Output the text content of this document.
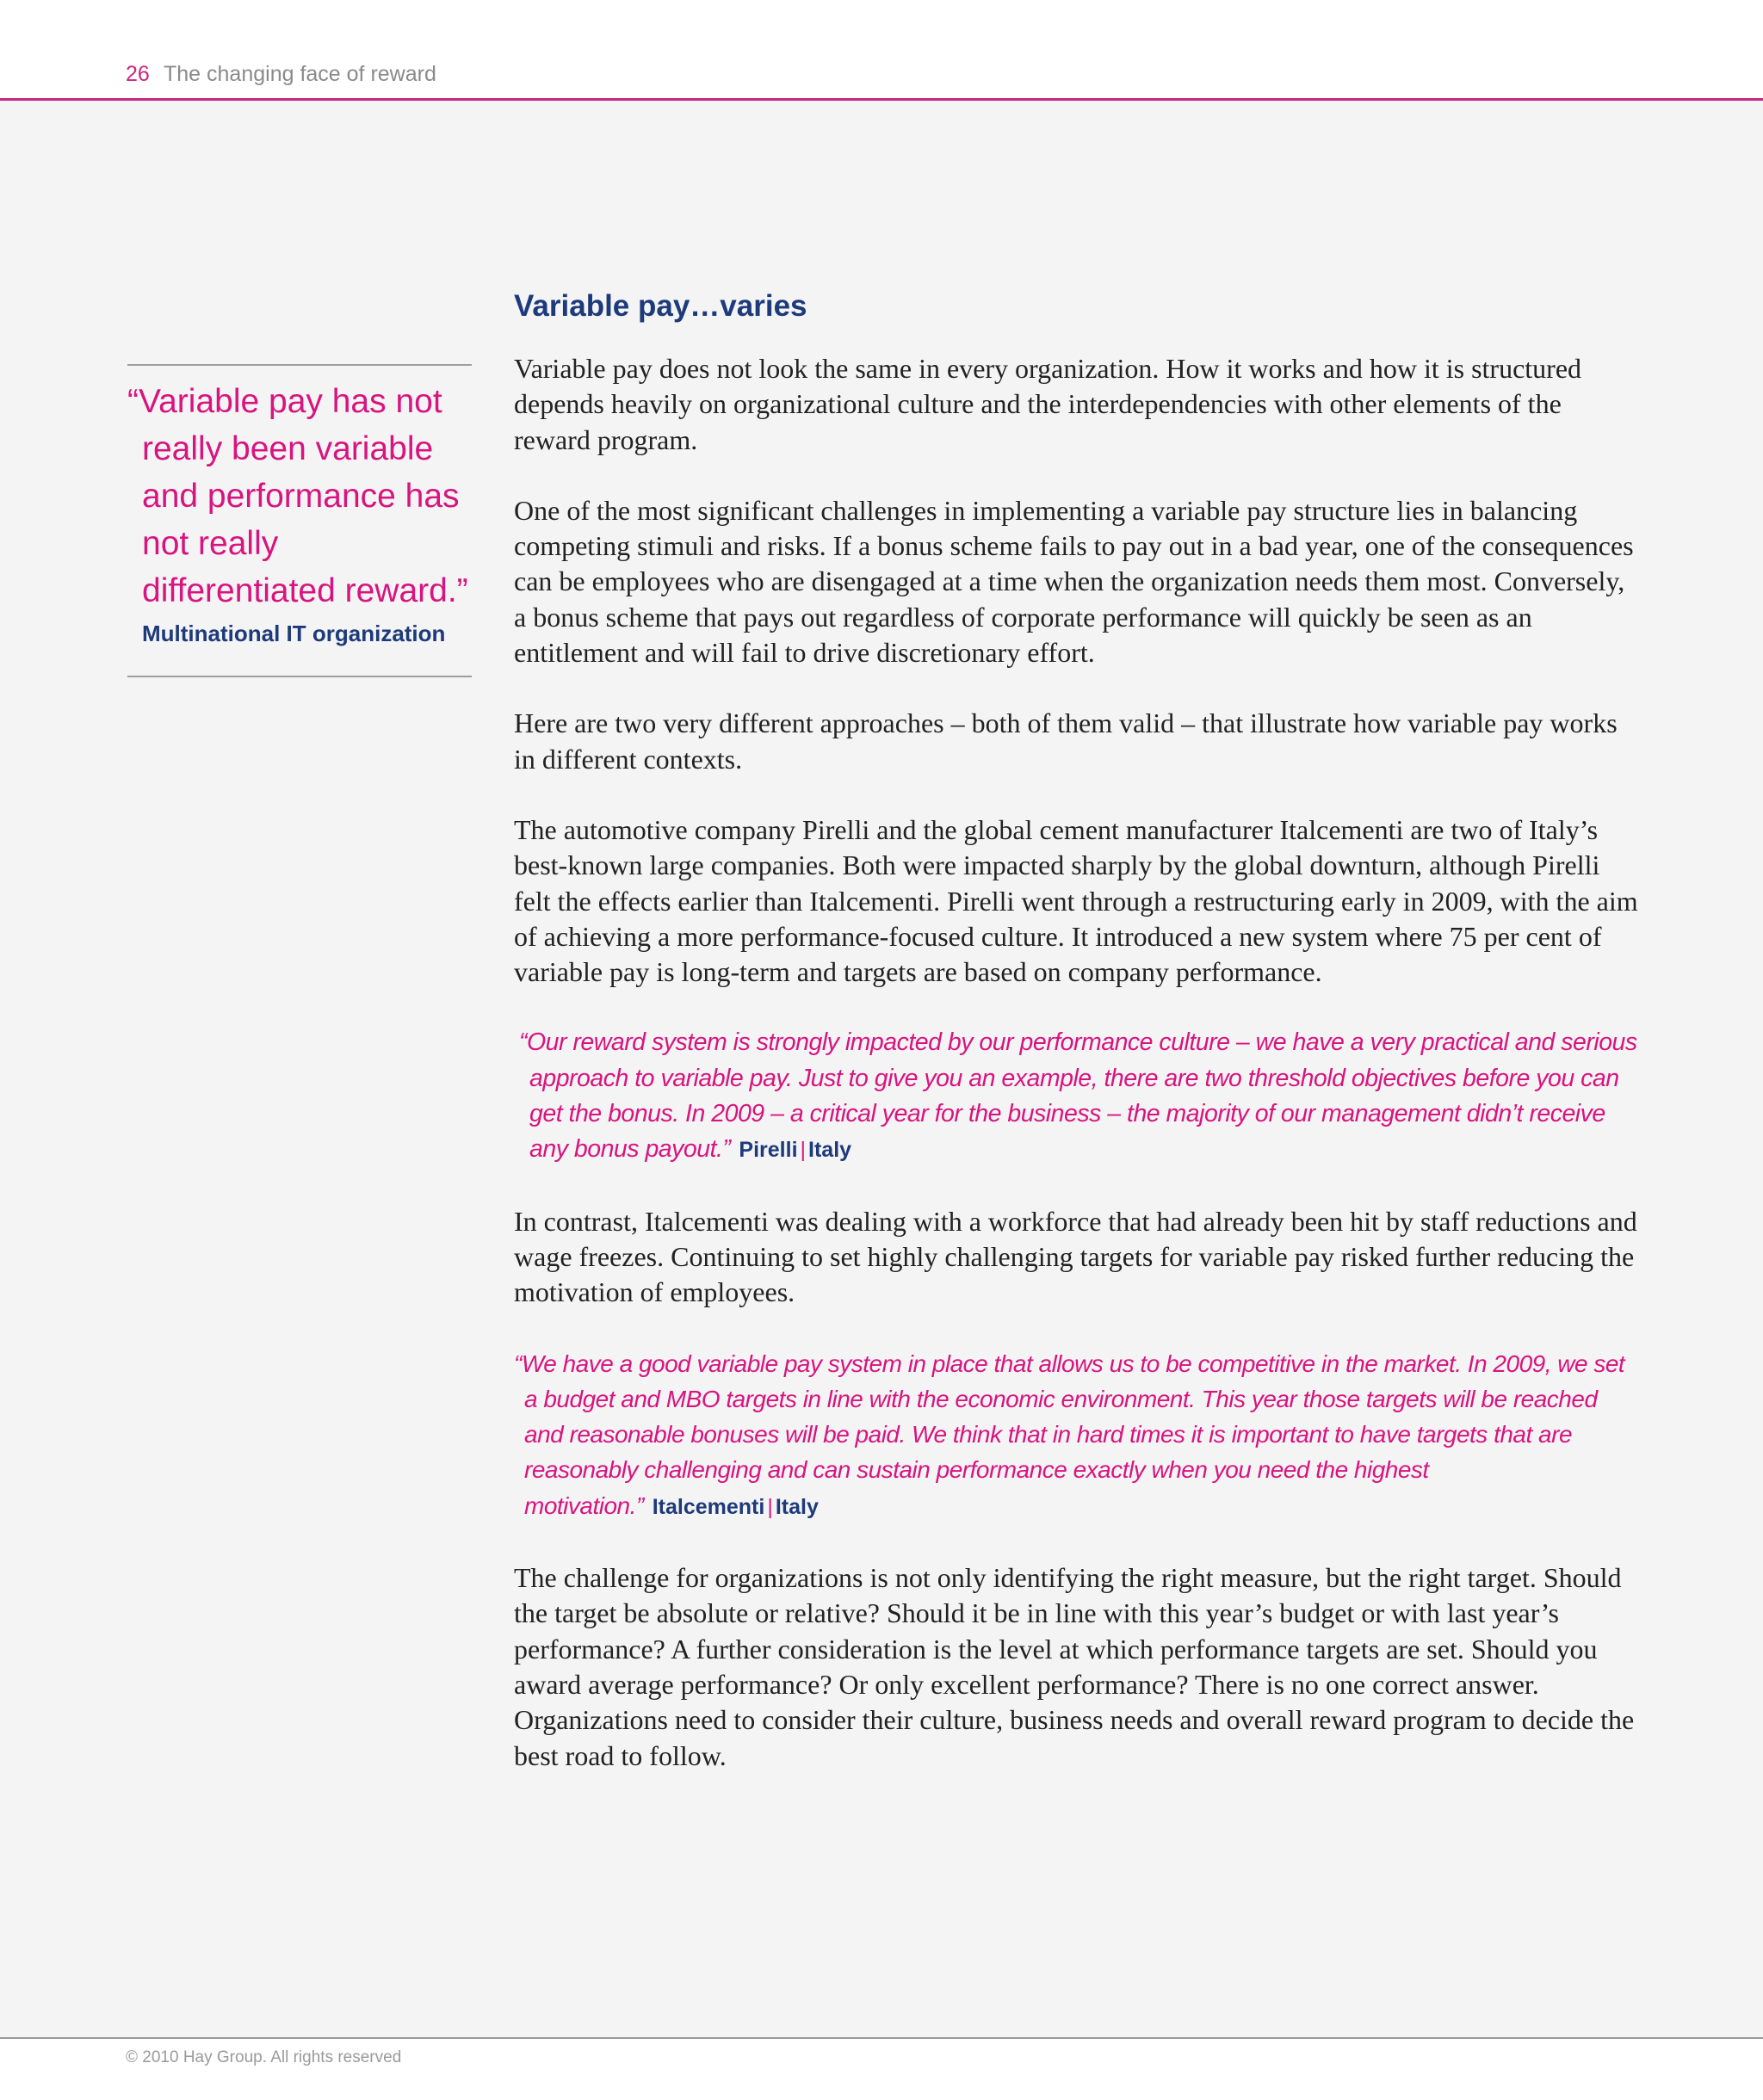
26 The changing face of reward
“Variable pay has not really been variable and performance has not really differentiated reward.”
Multinational IT organization
Variable pay…varies

Variable pay does not look the same in every organization. How it works and how it is structured depends heavily on organizational culture and the interdependencies with other elements of the reward program.

One of the most significant challenges in implementing a variable pay structure lies in balancing competing stimuli and risks. If a bonus scheme fails to pay out in a bad year, one of the consequences can be employees who are disengaged at a time when the organization needs them most. Conversely, a bonus scheme that pays out regardless of corporate performance will quickly be seen as an entitlement and will fail to drive discretionary effort.

Here are two very different approaches – both of them valid – that illustrate how variable pay works in different contexts.

The automotive company Pirelli and the global cement manufacturer Italcementi are two of Italy’s best-known large companies. Both were impacted sharply by the global downturn, although Pirelli felt the effects earlier than Italcementi. Pirelli went through a restructuring early in 2009, with the aim of achieving a more performance-focused culture. It introduced a new system where 75 per cent of variable pay is long-term and targets are based on company performance.

“Our reward system is strongly impacted by our performance culture – we have a very practical and serious approach to variable pay. Just to give you an example, there are two threshold objectives before you can get the bonus. In 2009 – a critical year for the business – the majority of our management didn’t receive any bonus payout.” Pirelli | Italy

In contrast, Italcementi was dealing with a workforce that had already been hit by staff reductions and wage freezes. Continuing to set highly challenging targets for variable pay risked further reducing the motivation of employees.

“We have a good variable pay system in place that allows us to be competitive in the market. In 2009, we set a budget and MBO targets in line with the economic environment. This year those targets will be reached and reasonable bonuses will be paid. We think that in hard times it is important to have targets that are reasonably challenging and can sustain performance exactly when you need the highest motivation.” Italcementi | Italy

The challenge for organizations is not only identifying the right measure, but the right target. Should the target be absolute or relative? Should it be in line with this year’s budget or with last year’s performance? A further consideration is the level at which performance targets are set. Should you award average performance? Or only excellent performance? There is no one correct answer. Organizations need to consider their culture, business needs and overall reward program to decide the best road to follow.

© 2010 Hay Group. All rights reserved
